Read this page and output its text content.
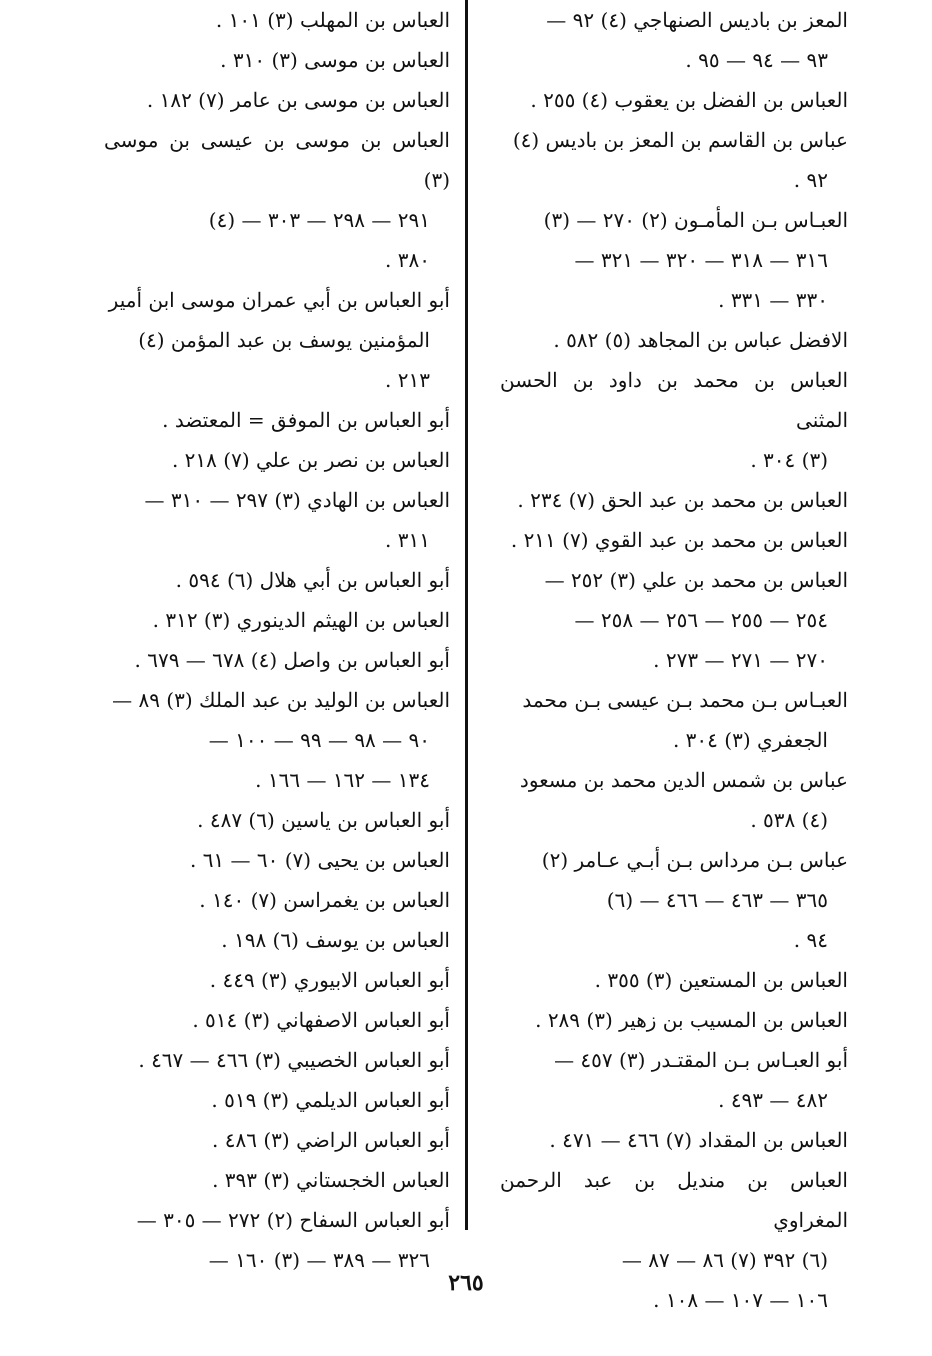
المعز بن باديس الصنهاجي (٤) ٩٢ —
٩٣ — ٩٤ — ٩٥ .
العباس بن الفضل بن يعقوب (٤) ٢٥٥ .
عباس بن القاسم بن المعز بن باديس (٤)
٩٢ .
العبـاس بـن المأمـون (٢) ٢٧٠ — (٣)
٣١٦ — ٣١٨ — ٣٢٠ — ٣٢١ —
٣٣٠ — ٣٣١ .
الافضل عباس بن المجاهد (٥) ٥٨٢ .
العباس بن محمد بن داود بن الحسن المثنى
(٣) ٣٠٤ .
العباس بن محمد بن عبد الحق (٧) ٢٣٤ .
العباس بن محمد بن عبد القوي (٧) ٢١١ .
العباس بن محمد بن علي (٣) ٢٥٢ —
٢٥٤ — ٢٥٥ — ٢٥٦ — ٢٥٨ —
٢٧٠ — ٢٧١ — ٢٧٣ .
العبـاس بـن محمد بـن عيسى بـن محمد
الجعفري (٣) ٣٠٤ .
عباس بن شمس الدين محمد بن مسعود
(٤) ٥٣٨ .
عباس بـن مرداس بـن أبـي عـامر (٢)
٣٦٥ — ٤٦٣ — ٤٦٦ — (٦)
٩٤ .
العباس بن المستعين (٣) ٣٥٥ .
العباس بن المسيب بن زهير (٣) ٢٨٩ .
أبو العبـاس بـن المقتـدر (٣) ٤٥٧ —
٤٨٢ — ٤٩٣ .
العباس بن المقداد (٧) ٤٦٦ — ٤٧١ .
العباس بن منديل بن عبد الرحمن المغراوي
(٦) ٣٩٢ (٧) ٨٦ — ٨٧ —
١٠٦ — ١٠٧ — ١٠٨ .
العباس بن المهلب (٣) ١٠١ .
العباس بن موسى (٣) ٣١٠ .
العباس بن موسى بن عامر (٧) ١٨٢ .
العباس بن موسى بن عيسى بن موسى (٣)
٢٩١ — ٢٩٨ — ٣٠٣ — (٤)
٣٨٠ .
أبو العباس بن أبي عمران موسى ابن أمير
المؤمنين يوسف بن عبد المؤمن (٤)
٢١٣ .
أبو العباس بن الموفق = المعتضد .
العباس بن نصر بن علي (٧) ٢١٨ .
العباس بن الهادي (٣) ٢٩٧ — ٣١٠ —
٣١١ .
أبو العباس بن أبي هلال (٦) ٥٩٤ .
العباس بن الهيثم الدينوري (٣) ٣١٢ .
أبو العباس بن واصل (٤) ٦٧٨ — ٦٧٩ .
العباس بن الوليد بن عبد الملك (٣) ٨٩ —
٩٠ — ٩٨ — ٩٩ — ١٠٠ —
١٣٤ — ١٦٢ — ١٦٦ .
أبو العباس بن ياسين (٦) ٤٨٧ .
العباس بن يحيى (٧) ٦٠ — ٦١ .
العباس بن يغمراسن (٧) ١٤٠ .
العباس بن يوسف (٦) ١٩٨ .
أبو العباس الابيوري (٣) ٤٤٩ .
أبو العباس الاصفهاني (٣) ٥١٤ .
أبو العباس الخصيبي (٣) ٤٦٦ — ٤٦٧ .
أبو العباس الديلمي (٣) ٥١٩ .
أبو العباس الراضي (٣) ٤٨٦ .
العباس الخجستاني (٣) ٣٩٣ .
أبو العباس السفاح (٢) ٢٧٢ — ٣٠٥ —
٣٢٦ — ٣٨٩ — (٣) ١٦٠ —
٢٦٥
